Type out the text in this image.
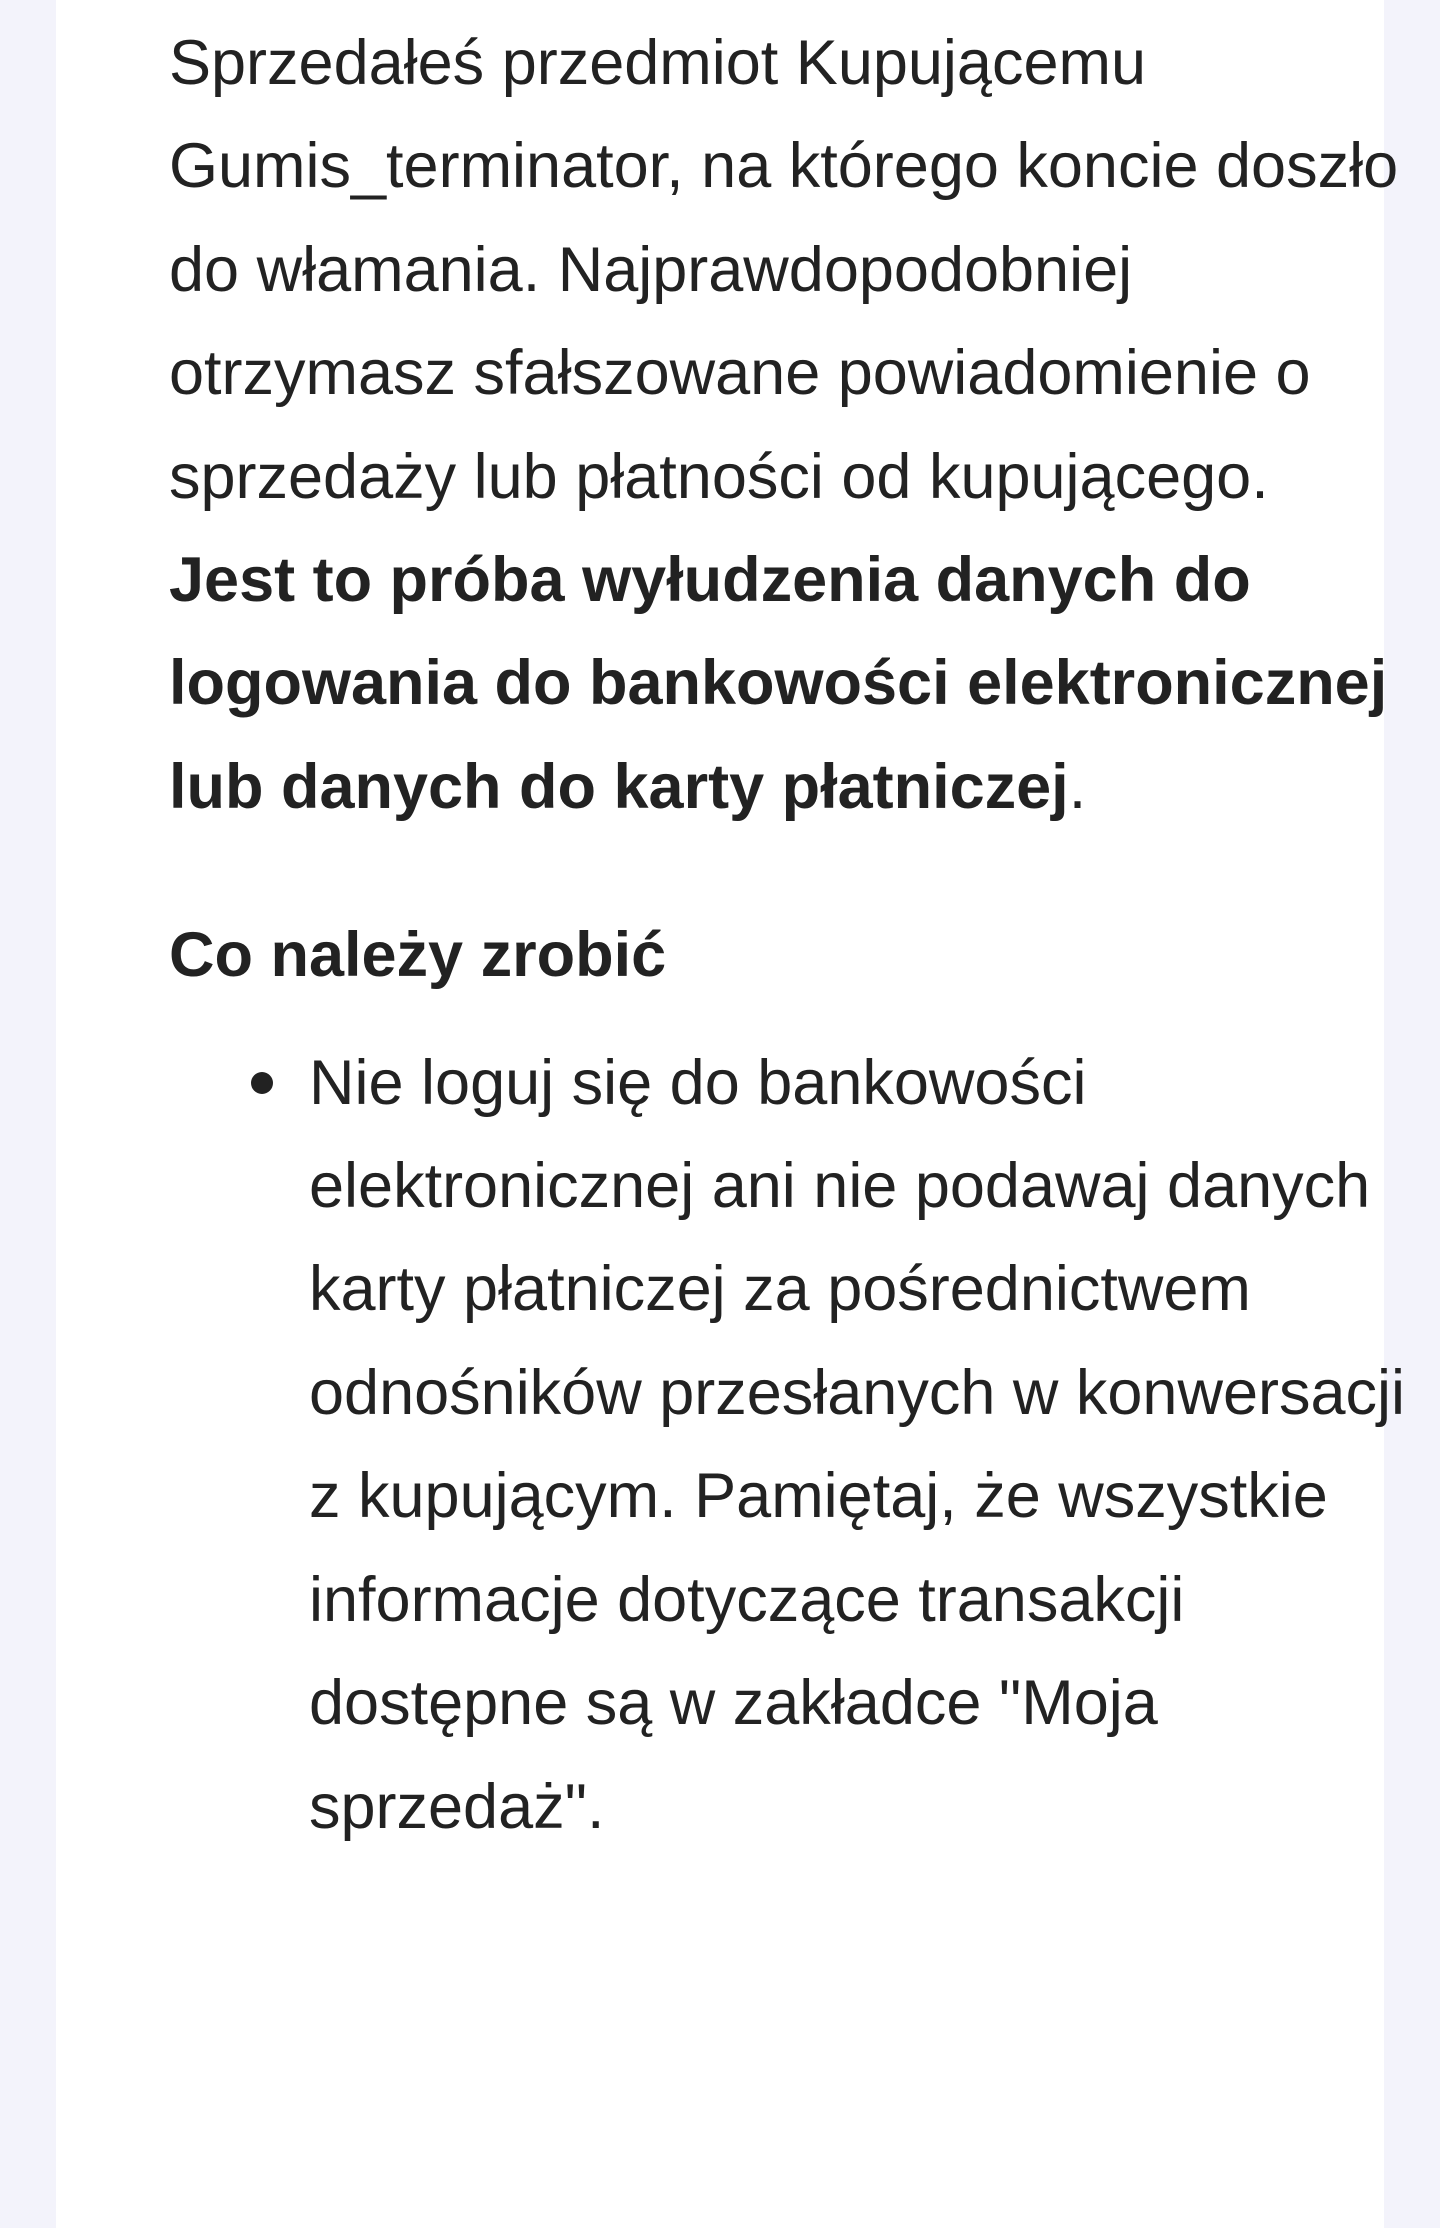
Sprzedałeś przedmiot Kupującemu Gumis_terminator, na którego koncie doszło do włamania. Najprawdopodobniej otrzymasz sfałszowane powiadomienie o sprzedaży lub płatności od kupującego. Jest to próba wyłudzenia danych do logowania do bankowości elektronicznej lub danych do karty płatniczej.

Co należy zrobić
Nie loguj się do bankowości elektronicznej ani nie podawaj danych karty płatniczej za pośrednictwem odnośników przesłanych w konwersacji z kupującym. Pamiętaj, że wszystkie informacje dotyczące transakcji dostępne są w zakładce "Moja sprzedaż".
